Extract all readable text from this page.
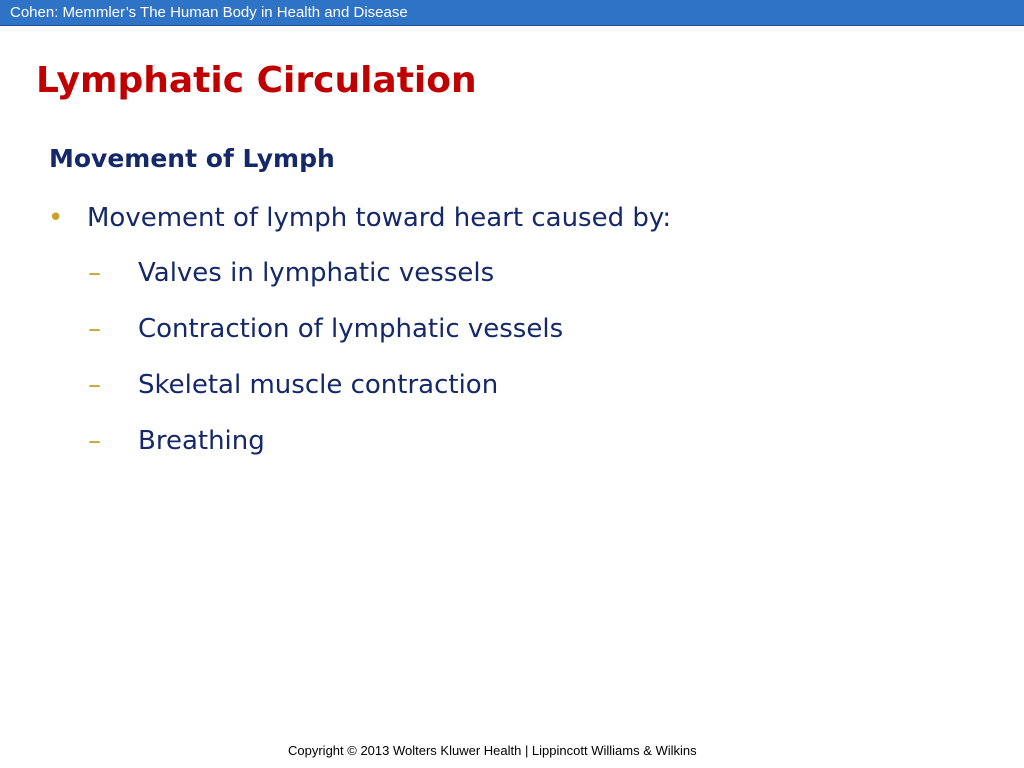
Cohen: Memmler’s The Human Body in Health and Disease
Lymphatic Circulation
Movement of Lymph
• Movement of lymph toward heart caused by:
– Valves in lymphatic vessels
– Contraction of lymphatic vessels
– Skeletal muscle contraction
– Breathing
Copyright © 2013 Wolters Kluwer Health | Lippincott Williams & Wilkins
